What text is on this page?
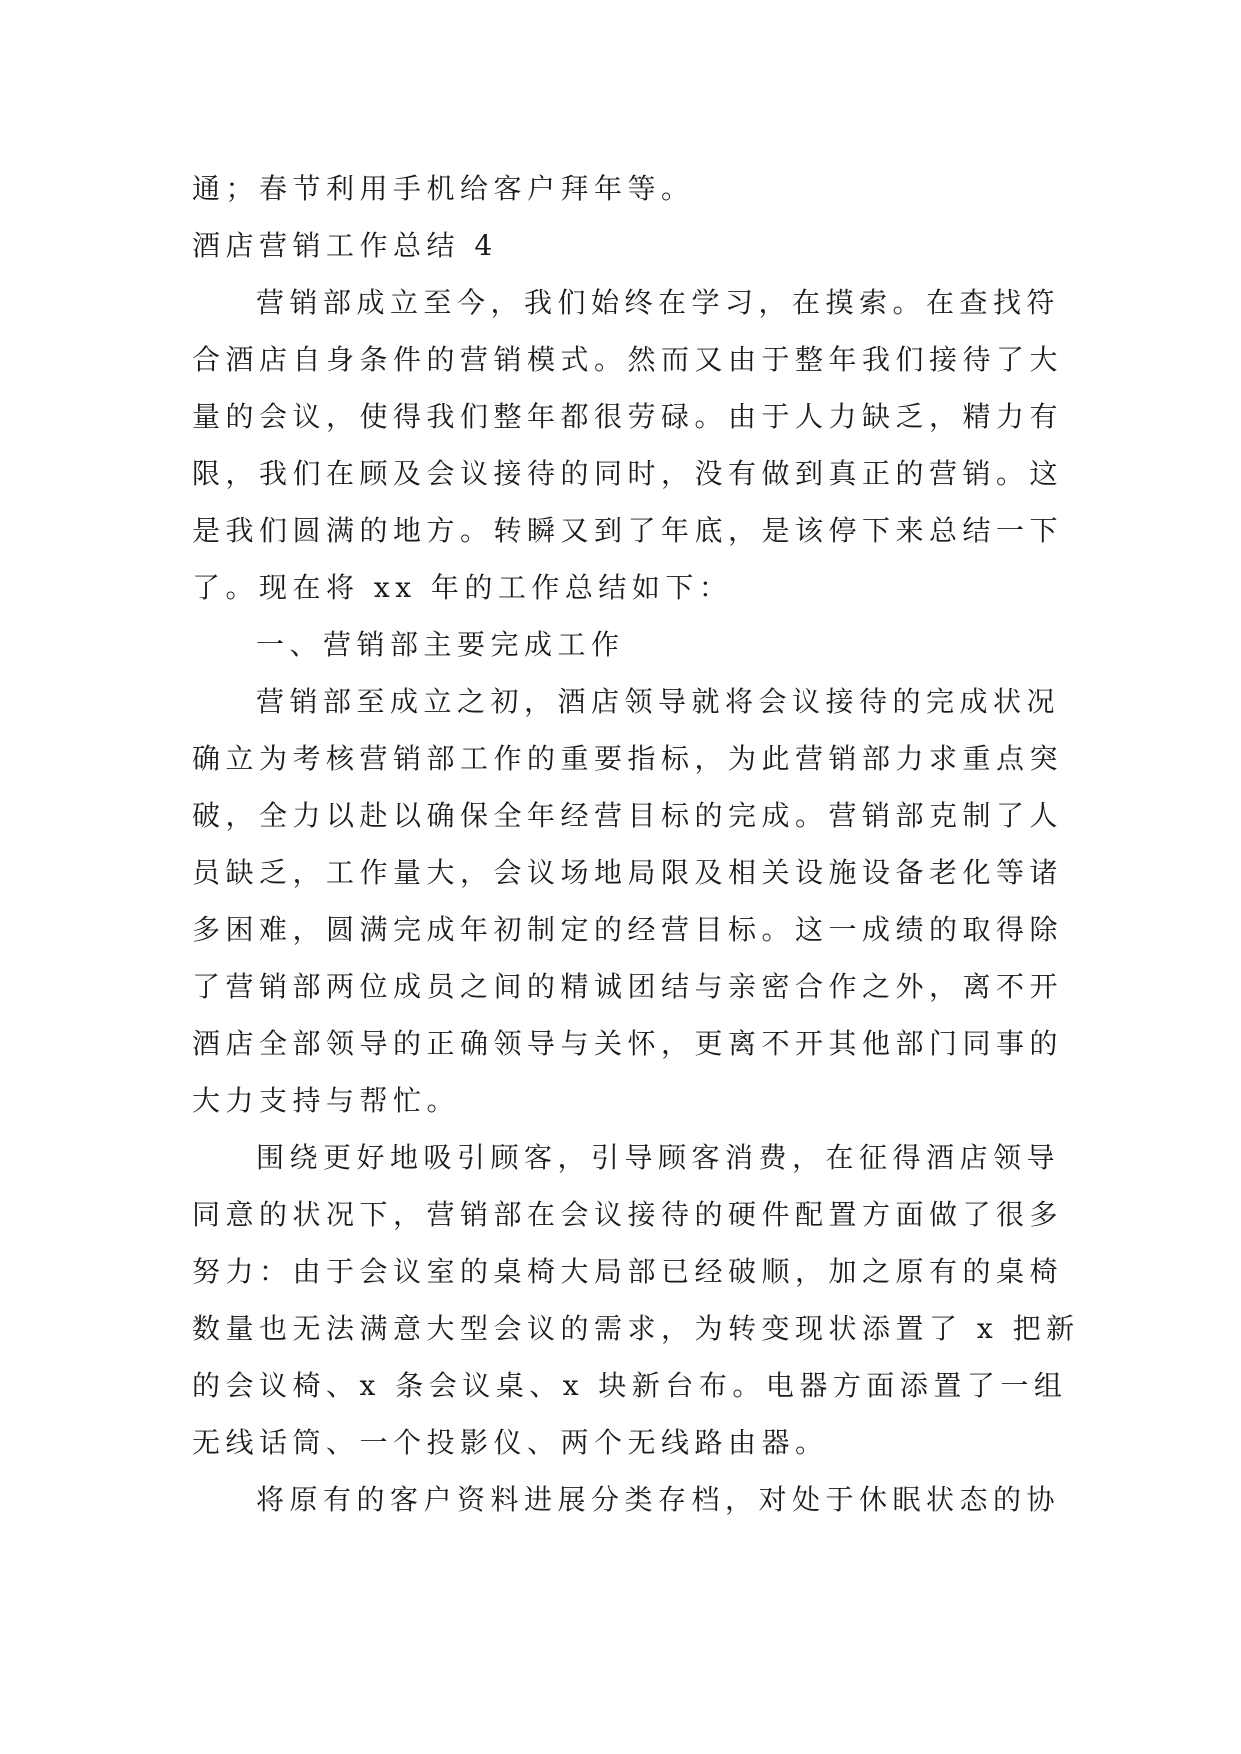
通；春节利用手机给客户拜年等。

酒店营销工作总结 4

营销部成立至今，我们始终在学习，在摸索。在查找符

合酒店自身条件的营销模式。然而又由于整年我们接待了大

量的会议，使得我们整年都很劳碌。由于人力缺乏，精力有

限，我们在顾及会议接待的同时，没有做到真正的营销。这

是我们圆满的地方。转瞬又到了年底，是该停下来总结一下

了。现在将 xx 年的工作总结如下：

一、营销部主要完成工作

营销部至成立之初，酒店领导就将会议接待的完成状况

确立为考核营销部工作的重要指标，为此营销部力求重点突

破，全力以赴以确保全年经营目标的完成。营销部克制了人

员缺乏，工作量大，会议场地局限及相关设施设备老化等诸

多困难，圆满完成年初制定的经营目标。这一成绩的取得除

了营销部两位成员之间的精诚团结与亲密合作之外，离不开

酒店全部领导的正确领导与关怀，更离不开其他部门同事的

大力支持与帮忙。

围绕更好地吸引顾客，引导顾客消费，在征得酒店领导

同意的状况下，营销部在会议接待的硬件配置方面做了很多

努力：由于会议室的桌椅大局部已经破顺，加之原有的桌椅

数量也无法满意大型会议的需求，为转变现状添置了 x 把新

的会议椅、x 条会议桌、x 块新台布。电器方面添置了一组

无线话筒、一个投影仪、两个无线路由器。

将原有的客户资料进展分类存档，对处于休眠状态的协
